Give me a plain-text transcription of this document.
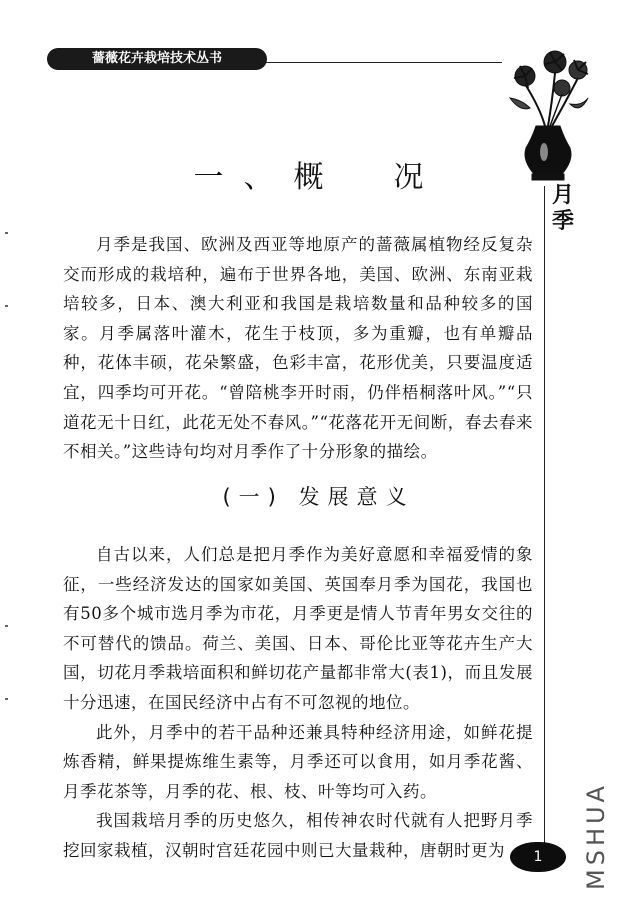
薔薇花卉栽培技术丛书
月季
一、概　况

月季是我国、欧洲及西亚等地原产的蔷薇属植物经反复杂交而形成的栽培种，遍布于世界各地，美国、欧洲、东南亚栽培较多，日本、澳大利亚和我国是栽培数量和品种较多的国家。月季属落叶灌木，花生于枝顶，多为重瓣，也有单瓣品种，花体丰硕，花朵繁盛，色彩丰富，花形优美，只要温度适宜，四季均可开花。“曾陪桃李开时雨，仍伴梧桐落叶风。”“只道花无十日红，此花无处不春风。”“花落花开无间断，春去春来不相关。”这些诗句均对月季作了十分形象的描绘。

(一) 发展意义

自古以来，人们总是把月季作为美好意愿和幸福爱情的象征，一些经济发达的国家如美国、英国奉月季为国花，我国也有50多个城市选月季为市花，月季更是情人节青年男女交往的不可替代的馈品。荷兰、美国、日本、哥伦比亚等花卉生产大国，切花月季栽培面积和鲜切花产量都非常大(表1)，而且发展十分迅速，在国民经济中占有不可忽视的地位。

此外，月季中的若干品种还兼具特种经济用途，如鲜花提炼香精，鲜果提炼维生素等，月季还可以食用，如月季花酱、月季花茶等，月季的花、根、枝、叶等均可入药。

我国栽培月季的历史悠久，相传神农时代就有人把野月季挖回家栽植，汉朝时宫廷花园中则已大量栽种，唐朝时更为	1	MSHUA
